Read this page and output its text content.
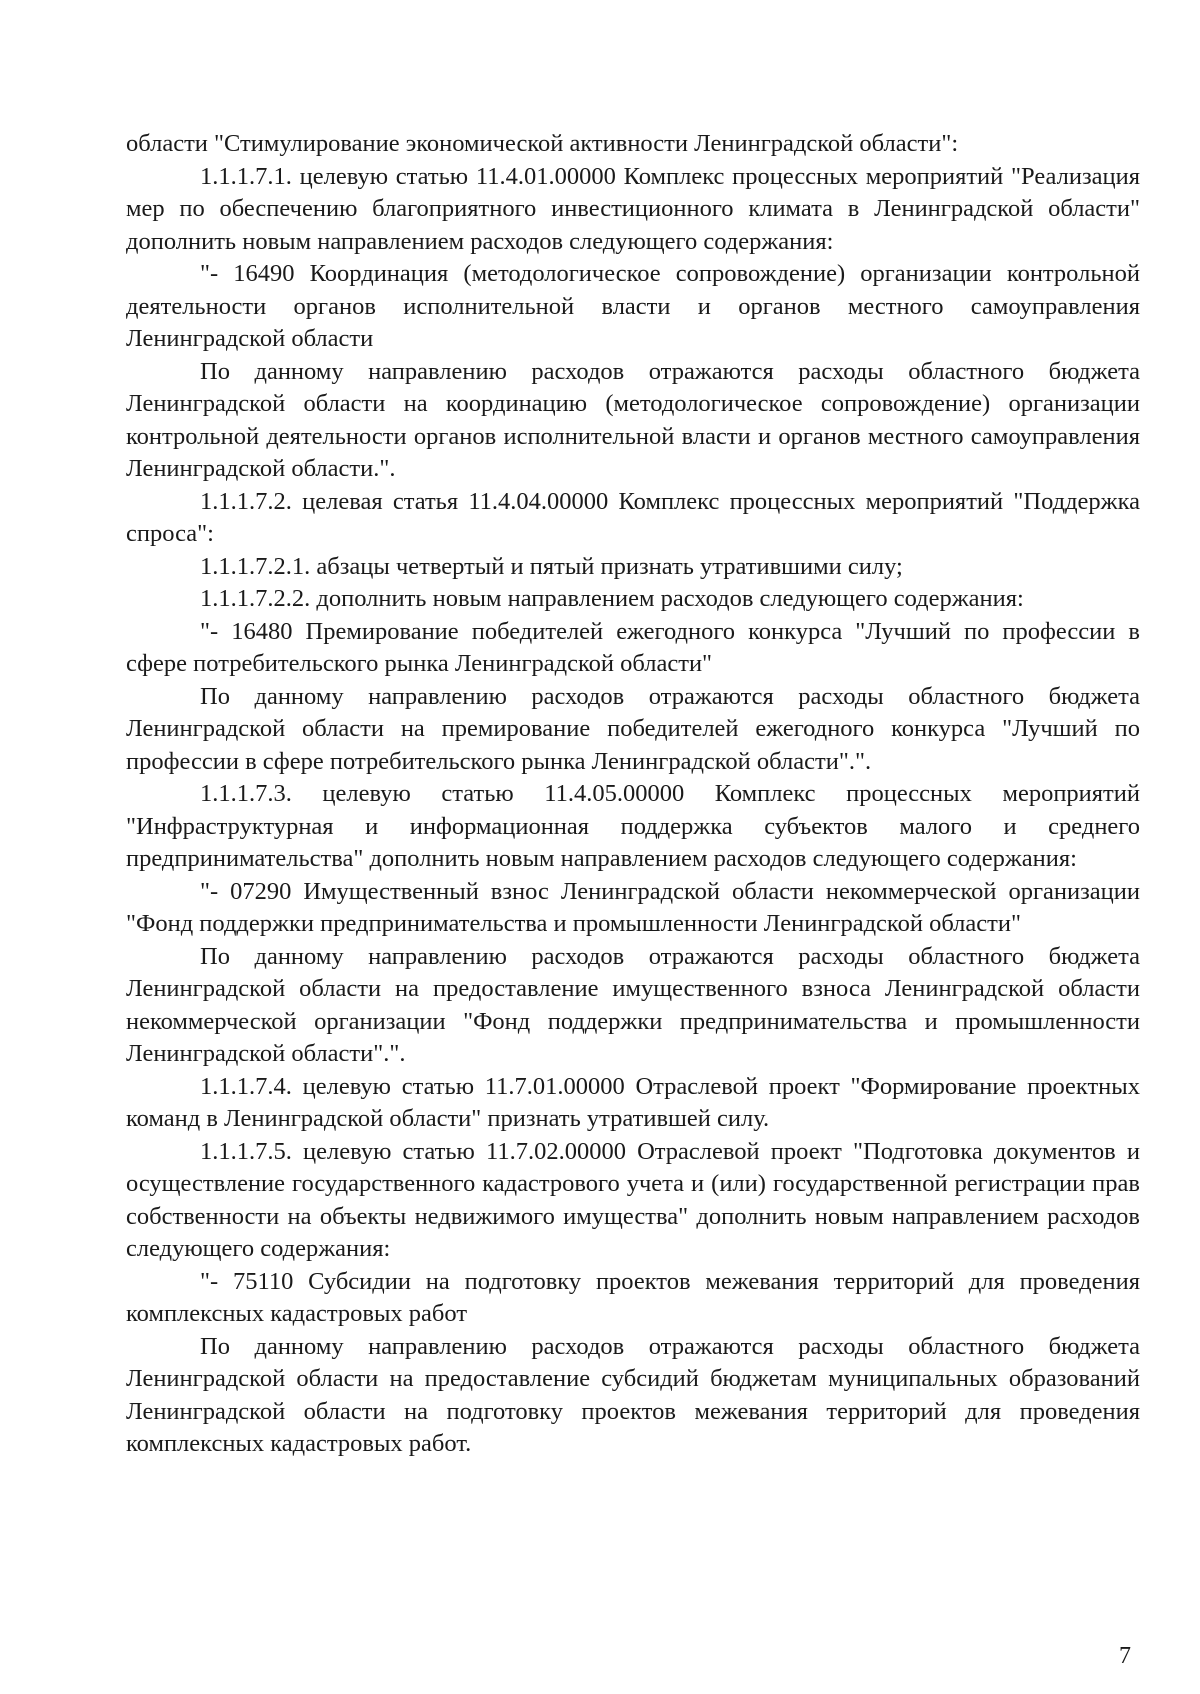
области "Стимулирование экономической активности Ленинградской области":

1.1.1.7.1. целевую статью 11.4.01.00000 Комплекс процессных мероприятий "Реализация мер по обеспечению благоприятного инвестиционного климата в Ленинградской области" дополнить новым направлением расходов следующего содержания:

"- 16490 Координация (методологическое сопровождение) организации контрольной деятельности органов исполнительной власти и органов местного самоуправления Ленинградской области

По данному направлению расходов отражаются расходы областного бюджета Ленинградской области на координацию (методологическое сопровождение) организации контрольной деятельности органов исполнительной власти и органов местного самоуправления Ленинградской области.".

1.1.1.7.2. целевая статья 11.4.04.00000 Комплекс процессных мероприятий "Поддержка спроса":

1.1.1.7.2.1. абзацы четвертый и пятый признать утратившими силу;

1.1.1.7.2.2. дополнить новым направлением расходов следующего содержания:

"- 16480 Премирование победителей ежегодного конкурса "Лучший по профессии в сфере потребительского рынка Ленинградской области"

По данному направлению расходов отражаются расходы областного бюджета Ленинградской области на премирование победителей ежегодного конкурса "Лучший по профессии в сфере потребительского рынка Ленинградской области".".

1.1.1.7.3. целевую статью 11.4.05.00000 Комплекс процессных мероприятий "Инфраструктурная и информационная поддержка субъектов малого и среднего предпринимательства" дополнить новым направлением расходов следующего содержания:

"- 07290 Имущественный взнос Ленинградской области некоммерческой организации "Фонд поддержки предпринимательства и промышленности Ленинградской области"

По данному направлению расходов отражаются расходы областного бюджета Ленинградской области на предоставление имущественного взноса Ленинградской области некоммерческой организации "Фонд поддержки предпринимательства и промышленности Ленинградской области".".

1.1.1.7.4. целевую статью 11.7.01.00000 Отраслевой проект "Формирование проектных команд в Ленинградской области" признать утратившей силу.

1.1.1.7.5. целевую статью 11.7.02.00000 Отраслевой проект "Подготовка документов и осуществление государственного кадастрового учета и (или) государственной регистрации прав собственности на объекты недвижимого имущества" дополнить новым направлением расходов следующего содержания:

"- 75110 Субсидии на подготовку проектов межевания территорий для проведения комплексных кадастровых работ

По данному направлению расходов отражаются расходы областного бюджета Ленинградской области на предоставление субсидий бюджетам муниципальных образований Ленинградской области на подготовку проектов межевания территорий для проведения комплексных кадастровых работ.

7
